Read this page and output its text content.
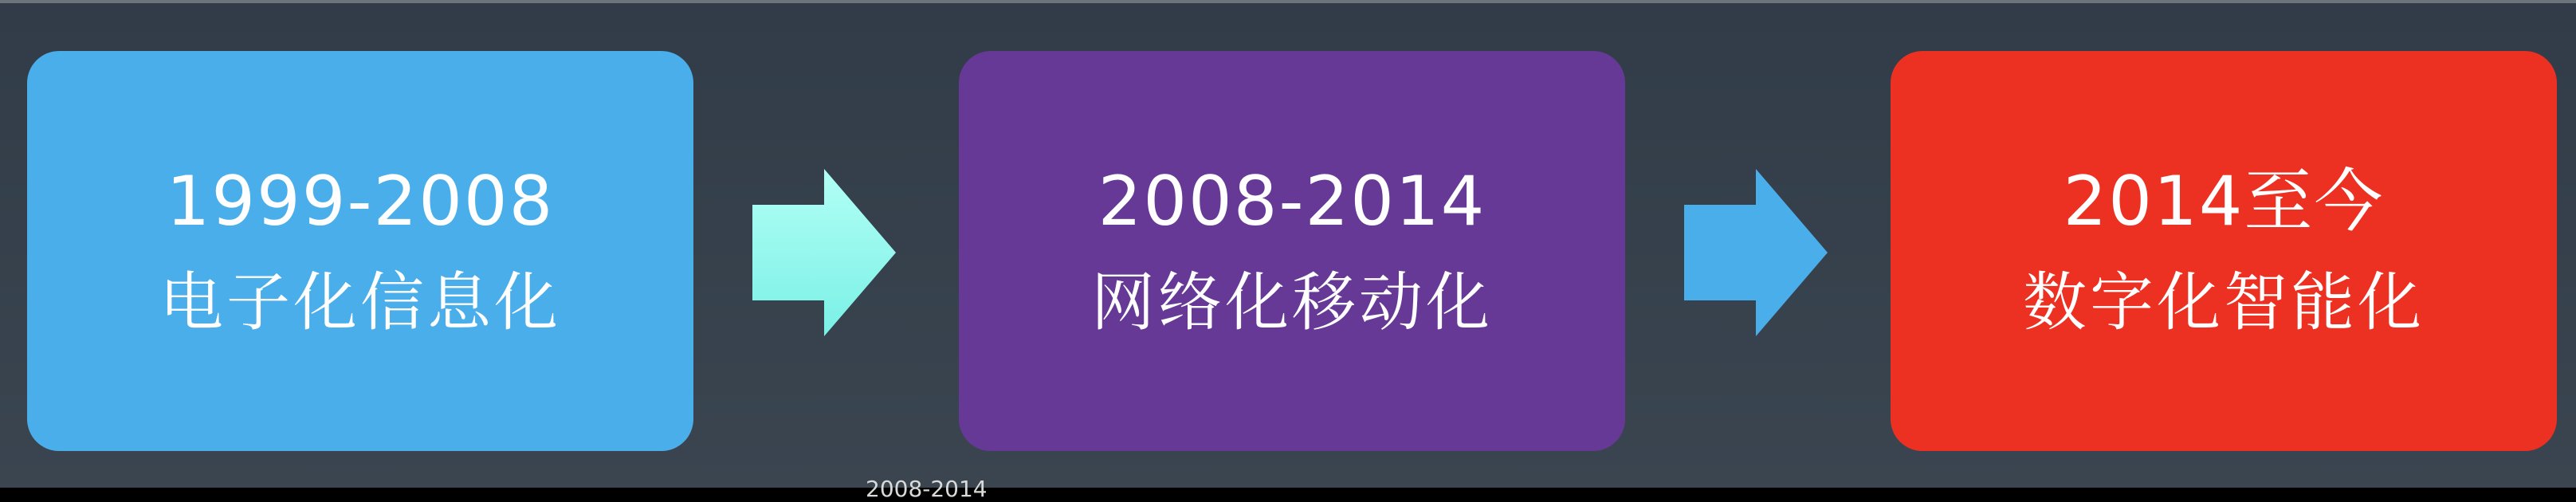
1999-2008
电子化信息化
2008-2014
网络化移动化
2014至今
数字化智能化
2008-2014
